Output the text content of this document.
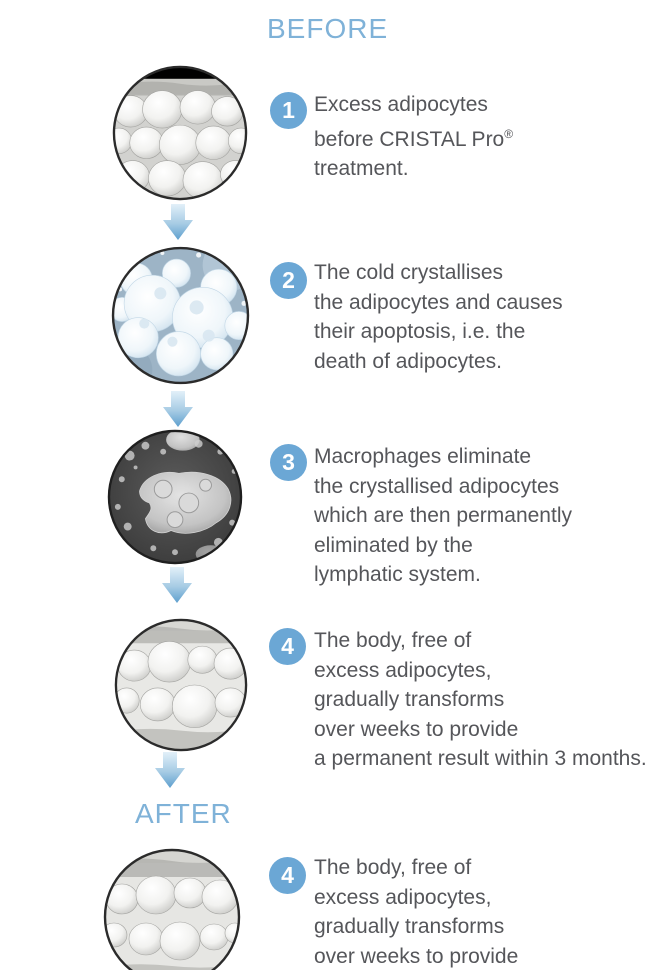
BEFORE
1 Excess adipocytes
before CRISTAL Pro®
treatment.
2 The cold crystallises
the adipocytes and causes
their apoptosis, i.e. the
death of adipocytes.
3 Macrophages eliminate
the crystallised adipocytes
which are then permanently
eliminated by the
lymphatic system.
4 The body, free of
excess adipocytes,
gradually transforms
over weeks to provide
a permanent result within 3 months.
AFTER
4 The body, free of
excess adipocytes,
gradually transforms
over weeks to provide
